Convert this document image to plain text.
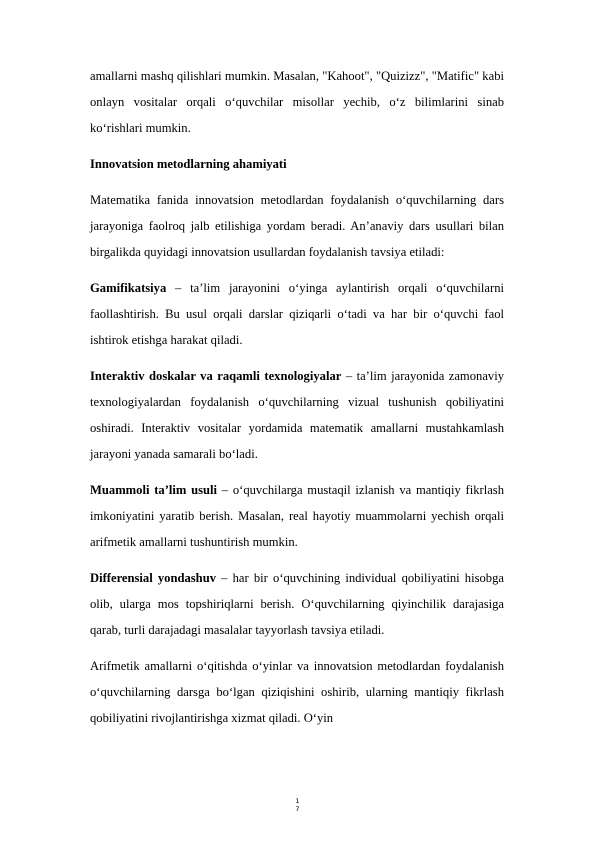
amallarni mashq qilishlari mumkin. Masalan, "Kahoot", "Quizizz", "Matific" kabi onlayn vositalar orqali o‘quvchilar misollar yechib, o‘z bilimlarini sinab ko‘rishlari mumkin.

Innovatsion metodlarning ahamiyati

Matematika fanida innovatsion metodlardan foydalanish o‘quvchilarning dars jarayoniga faolroq jalb etilishiga yordam beradi. An’anaviy dars usullari bilan birgalikda quyidagi innovatsion usullardan foydalanish tavsiya etiladi:

Gamifikatsiya – ta’lim jarayonini o‘yinga aylantirish orqali o‘quvchilarni faollashtirish. Bu usul orqali darslar qiziqarli o‘tadi va har bir o‘quvchi faol ishtirok etishga harakat qiladi.

Interaktiv doskalar va raqamli texnologiyalar – ta’lim jarayonida zamonaviy texnologiyalardan foydalanish o‘quvchilarning vizual tushunish qobiliyatini oshiradi. Interaktiv vositalar yordamida matematik amallarni mustahkamlash jarayoni yanada samarali bo‘ladi.

Muammoli ta’lim usuli – o‘quvchilarga mustaqil izlanish va mantiqiy fikrlash imkoniyatini yaratib berish. Masalan, real hayotiy muammolarni yechish orqali arifmetik amallarni tushuntirish mumkin.

Differensial yondashuv – har bir o‘quvchining individual qobiliyatini hisobga olib, ularga mos topshiriqlarni berish. O‘quvchilarning qiyinchilik darajasiga qarab, turli darajadagi masalalar tayyorlash tavsiya etiladi.

Arifmetik amallarni o‘qitishda o‘yinlar va innovatsion metodlardan foydalanish o‘quvchilarning darsga bo‘lgan qiziqishini oshirib, ularning mantiqiy fikrlash qobiliyatini rivojlantirishga xizmat qiladi. O‘yin

1
7
